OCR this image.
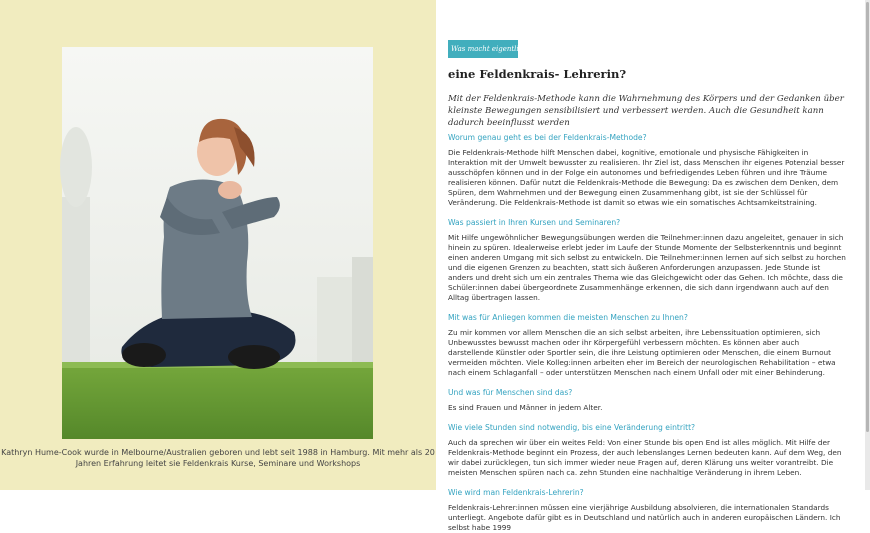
Kathryn Hume-Cook wurde in Melbourne/Australien geboren und lebt seit 1988 in Hamburg. Mit mehr als 20 Jahren Erfahrung leitet sie Feldenkrais Kurse, Seminare und Workshops
Was macht eigentlich...
eine Feldenkrais- Lehrerin?

Mit der Feldenkrais-Methode kann die Wahrnehmung des Körpers und der Gedanken über kleinste Bewegungen sensibilisiert und verbessert werden. Auch die Gesundheit kann dadurch beeinflusst werden

Worum genau geht es bei der Feldenkrais-Methode?

Die Feldenkrais-Methode hilft Menschen dabei, kognitive, emotionale und physische Fähigkeiten in Interaktion mit der Umwelt bewusster zu realisieren. Ihr Ziel ist, dass Menschen ihr eigenes Potenzial besser ausschöpfen können und in der Folge ein autonomes und befriedigendes Leben führen und ihre Träume realisieren können. Dafür nutzt die Feldenkrais-Methode die Bewegung: Da es zwischen dem Denken, dem Spüren, dem Wahrnehmen und der Bewegung einen Zusammenhang gibt, ist sie der Schlüssel für Veränderung. Die Feldenkrais-Methode ist damit so etwas wie ein somatisches Achtsamkeitstraining.

Was passiert in Ihren Kursen und Seminaren?

Mit Hilfe ungewöhnlicher Bewegungsübungen werden die Teilnehmer:innen dazu angeleitet, genauer in sich hinein zu spüren. Idealerweise erlebt jeder im Laufe der Stunde Momente der Selbsterkenntnis und beginnt einen anderen Umgang mit sich selbst zu entwickeln. Die Teilnehmer:innen lernen auf sich selbst zu horchen und die eigenen Grenzen zu beachten, statt sich äußeren Anforderungen anzupassen. Jede Stunde ist anders und dreht sich um ein zentrales Thema wie das Gleichgewicht oder das Gehen. Ich möchte, dass die Schüler:innen dabei übergeordnete Zusammenhänge erkennen, die sich dann irgendwann auch auf den Alltag übertragen lassen.

Mit was für Anliegen kommen die meisten Menschen zu Ihnen?

Zu mir kommen vor allem Menschen die an sich selbst arbeiten, ihre Lebenssituation optimieren, sich Unbewusstes bewusst machen oder ihr Körpergefühl verbessern möchten. Es können aber auch darstellende Künstler oder Sportler sein, die ihre Leistung optimieren oder Menschen, die einem Burnout vermeiden möchten. Viele Kolleg:innen arbeiten eher im Bereich der neurologischen Rehabilitation – etwa nach einem Schlaganfall – oder unterstützen Menschen nach einem Unfall oder mit einer Behinderung.

Und was für Menschen sind das?

Es sind Frauen und Männer in jedem Alter.

Wie viele Stunden sind notwendig, bis eine Veränderung eintritt?

Auch da sprechen wir über ein weites Feld: Von einer Stunde bis open End ist alles möglich. Mit Hilfe der Feldenkrais-Methode beginnt ein Prozess, der auch lebenslanges Lernen bedeuten kann. Auf dem Weg, den wir dabei zurücklegen, tun sich immer wieder neue Fragen auf, deren Klärung uns weiter vorantreibt. Die meisten Menschen spüren nach ca. zehn Stunden eine nachhaltige Veränderung in ihrem Leben.

Wie wird man Feldenkrais-Lehrerin?

Feldenkrais-Lehrer:innen müssen eine vierjährige Ausbildung absolvieren, die internationalen Standards unterliegt. Angebote dafür gibt es in Deutschland und natürlich auch in anderen europäischen Ländern. Ich selbst habe 1999
